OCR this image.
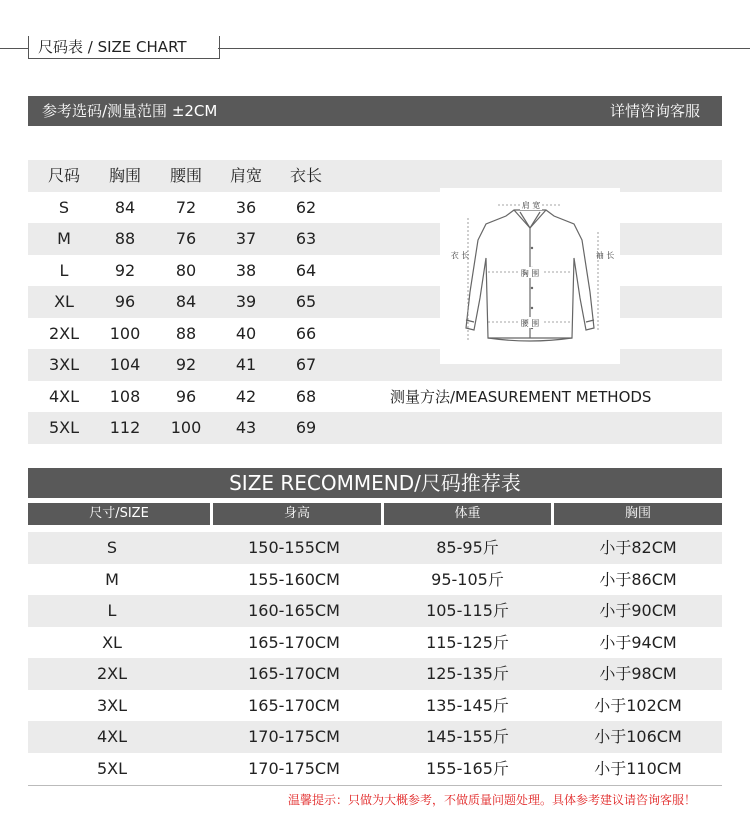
尺码表 / SIZE CHART
参考选码/测量范围 ±2CM	详情咨询客服
尺码	胸围	腰围	肩宽	衣长
S	84	72	36	62
M	88	76	37	63
L	92	80	38	64
XL	96	84	39	65
2XL	100	88	40	66
3XL	104	92	41	67
4XL	108	96	42	68
5XL	112	100	43	69
肩 宽
衣 长	袖 长
胸 围
腰 围
测量方法/MEASUREMENT METHODS
SIZE RECOMMEND/尺码推荐表
尺寸/SIZE	身高	体重	胸围
S	150-155CM	85-95斤	小于82CM
M	155-160CM	95-105斤	小于86CM
L	160-165CM	105-115斤	小于90CM
XL	165-170CM	115-125斤	小于94CM
2XL	165-170CM	125-135斤	小于98CM
3XL	165-170CM	135-145斤	小于102CM
4XL	170-175CM	145-155斤	小于106CM
5XL	170-175CM	155-165斤	小于110CM
温馨提示：只做为大概参考，不做质量问题处理。具体参考建议请咨询客服！
